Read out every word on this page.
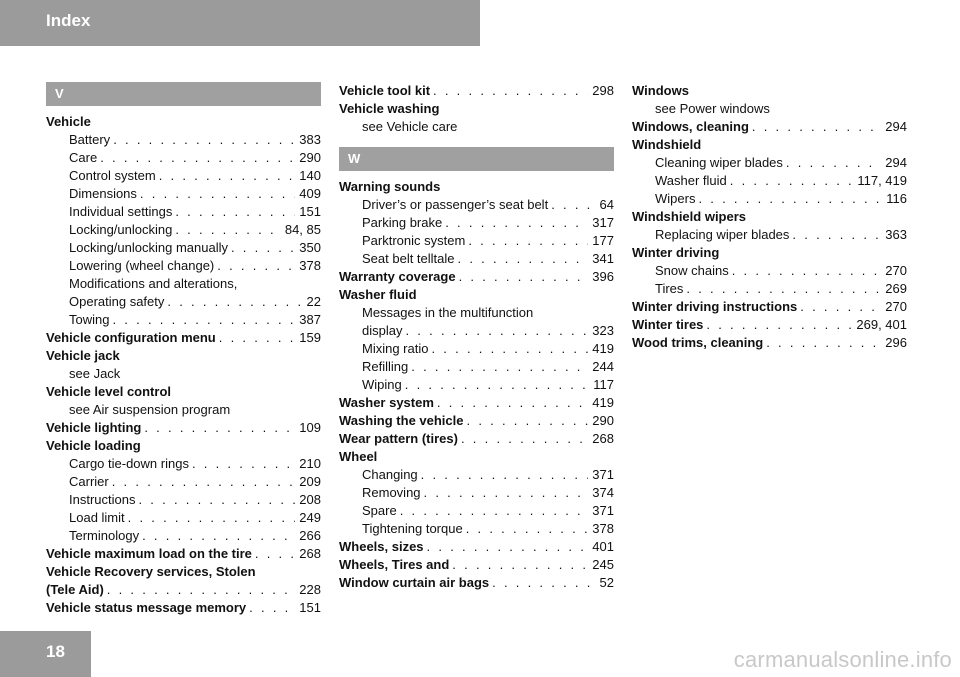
Index
V
Vehicle
Battery . . .	383
Care . . .	290
Control system . . .	140
Dimensions . . .	409
Individual settings . . .	151
Locking/unlocking . . .	84, 85
Locking/unlocking manually . . .	350
Lowering (wheel change) . . .	378
Modifications and alterations,
Operating safety . . .	22
Towing . . .	387
Vehicle configuration menu . . .	159
Vehicle jack
see Jack
Vehicle level control
see Air suspension program
Vehicle lighting . . .	109
Vehicle loading
Cargo tie-down rings . . .	210
Carrier . . .	209
Instructions . . .	208
Load limit . . .	249
Terminology . . .	266
Vehicle maximum load on the tire . . .	268
Vehicle Recovery services, Stolen
(Tele Aid) . . .	228
Vehicle status message memory . . .	151
Vehicle tool kit . . .	298
Vehicle washing
see Vehicle care
W
Warning sounds
Driver’s or passenger’s seat belt . . .	64
Parking brake . . .	317
Parktronic system . . .	177
Seat belt telltale . . .	341
Warranty coverage . . .	396
Washer fluid
Messages in the multifunction
display . . .	323
Mixing ratio . . .	419
Refilling . . .	244
Wiping . . .	117
Washer system . . .	419
Washing the vehicle . . .	290
Wear pattern (tires) . . .	268
Wheel
Changing . . .	371
Removing . . .	374
Spare . . .	371
Tightening torque . . .	378
Wheels, sizes . . .	401
Wheels, Tires and . . .	245
Window curtain air bags . . .	52
Windows
see Power windows
Windows, cleaning . . .	294
Windshield
Cleaning wiper blades . . .	294
Washer fluid . . .	117, 419
Wipers . . .	116
Windshield wipers
Replacing wiper blades . . .	363
Winter driving
Snow chains . . .	270
Tires . . .	269
Winter driving instructions . . .	270
Winter tires . . .	269, 401
Wood trims, cleaning . . .	296
18	carmanualsonline.info
